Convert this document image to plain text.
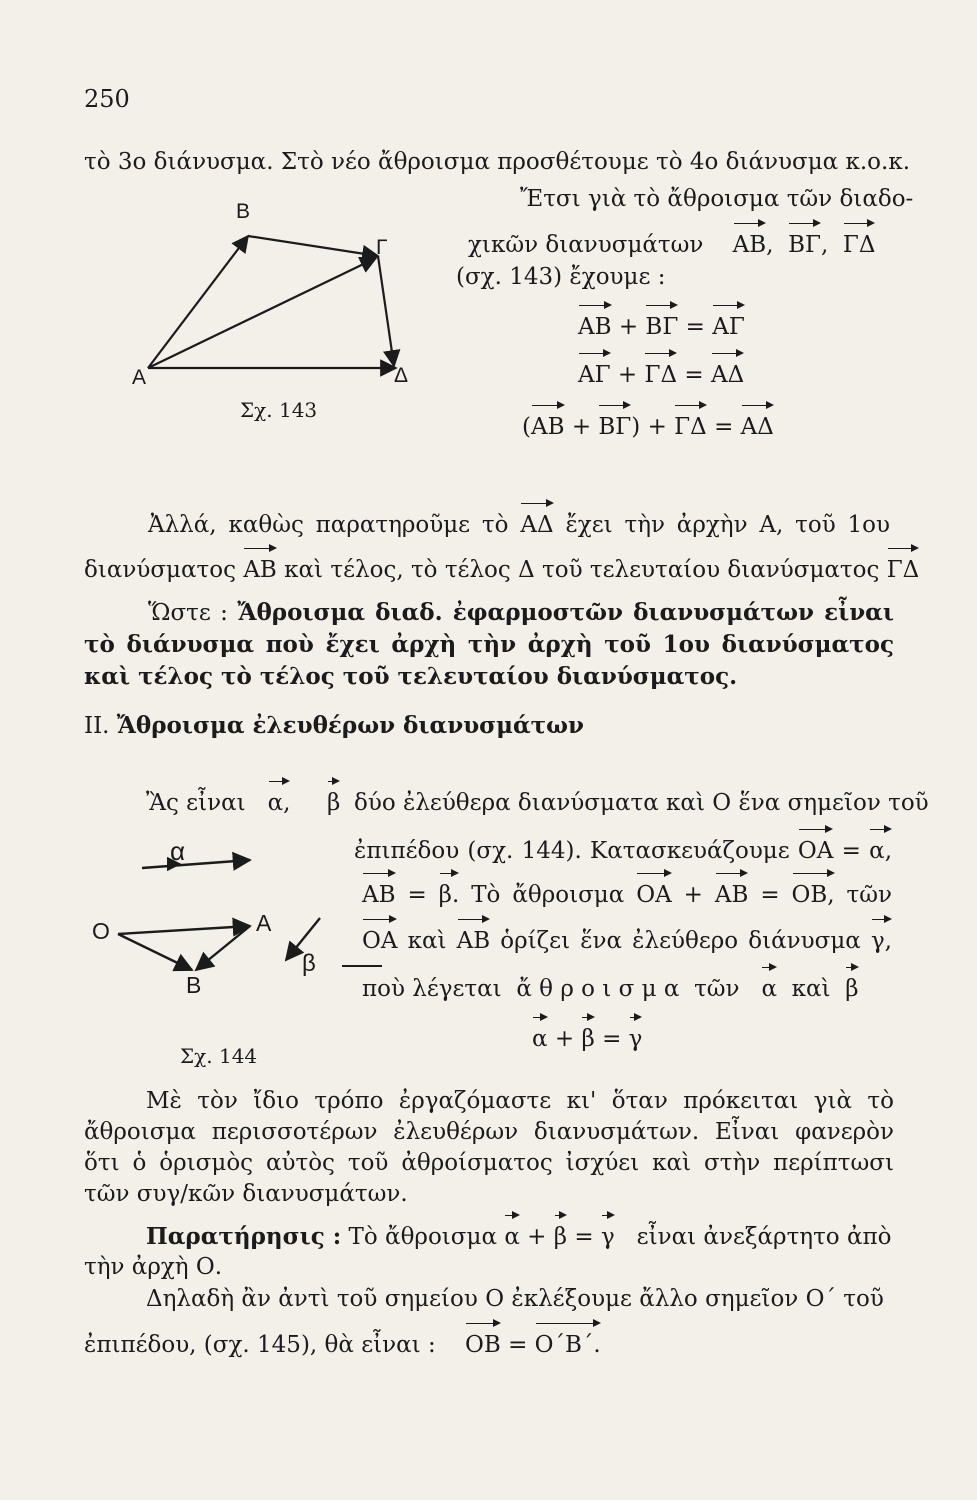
250
τὸ 3ο διάνυσμα. Στὸ νέο ἄθροισμα προσθέτουμε τὸ 4ο διάνυσμα κ.ο.κ.
Ἔτσι γιὰ τὸ ἄθροισμα τῶν διαδο-
χικῶν διανυσμάτων ΑΒ,  ΒΓ,  ΓΔ
(σχ. 143) ἔχουμε :
ΑΒ + ΒΓ = ΑΓ
ΑΓ + ΓΔ = ΑΔ
(ΑΒ + ΒΓ) + ΓΔ = ΑΔ
Β
Γ
Α	Δ
Σχ. 143
Ἀλλά, καθὼς παρατηροῦμε τὸ ΑΔ ἔχει τὴν ἀρχὴν Α, τοῦ 1ου
διανύσματος ΑΒ καὶ τέλος, τὸ τέλος Δ τοῦ τελευταίου διανύσματος ΓΔ
Ὥστε : Ἄθροισμα διαδ. ἐφαρμοστῶν διανυσμάτων εἶναι τὸ διάνυσμα ποὺ ἔχει ἀρχὴ τὴν ἀρχὴ τοῦ 1ου διανύσματος καὶ τέλος τὸ τέλος τοῦ τελευταίου διανύσματος.
ΙΙ. Ἄθροισμα ἐλευθέρων διανυσμάτων
Ἂς εἶναι α, β δύο ἐλεύθερα διανύσματα καὶ Ο ἕνα σημεῖον τοῦ
ἐπιπέδου (σχ. 144). Κατασκευάζουμε ΟΑ = α,
ΑΒ = β. Τὸ ἄθροισμα ΟΑ + ΑΒ = ΟΒ, τῶν
ΟΑ καὶ ΑΒ ὁρίζει ἕνα ἐλεύθερο διάνυσμα γ,
ποὺ λέγεται ἄ θ ρ ο ι σ μ α τῶν α καὶ β
α + β = γ
α
Ο	Α
β
Β
Σχ. 144
Μὲ τὸν ἴδιο τρόπο ἐργαζόμαστε κι' ὅταν πρόκειται γιὰ τὸ ἄθροισμα περισσοτέρων ἐλευθέρων διανυσμάτων. Εἶναι φανερὸν ὅτι ὁ ὁρισμὸς αὐτὸς τοῦ ἀθροίσματος ἰσχύει καὶ στὴν περίπτωσι τῶν συγ/κῶν διανυσμάτων.
Παρατήρησις : Τὸ ἄθροισμα α + β = γ εἶναι ἀνεξάρτητο ἀπὸ
τὴν ἀρχὴ Ο.
Δηλαδὴ ἂν ἀντὶ τοῦ σημείου Ο ἐκλέξουμε ἄλλο σημεῖον Ο΄ τοῦ
ἐπιπέδου, (σχ. 145), θὰ εἶναι : ΟΒ = Ο΄Β΄.
